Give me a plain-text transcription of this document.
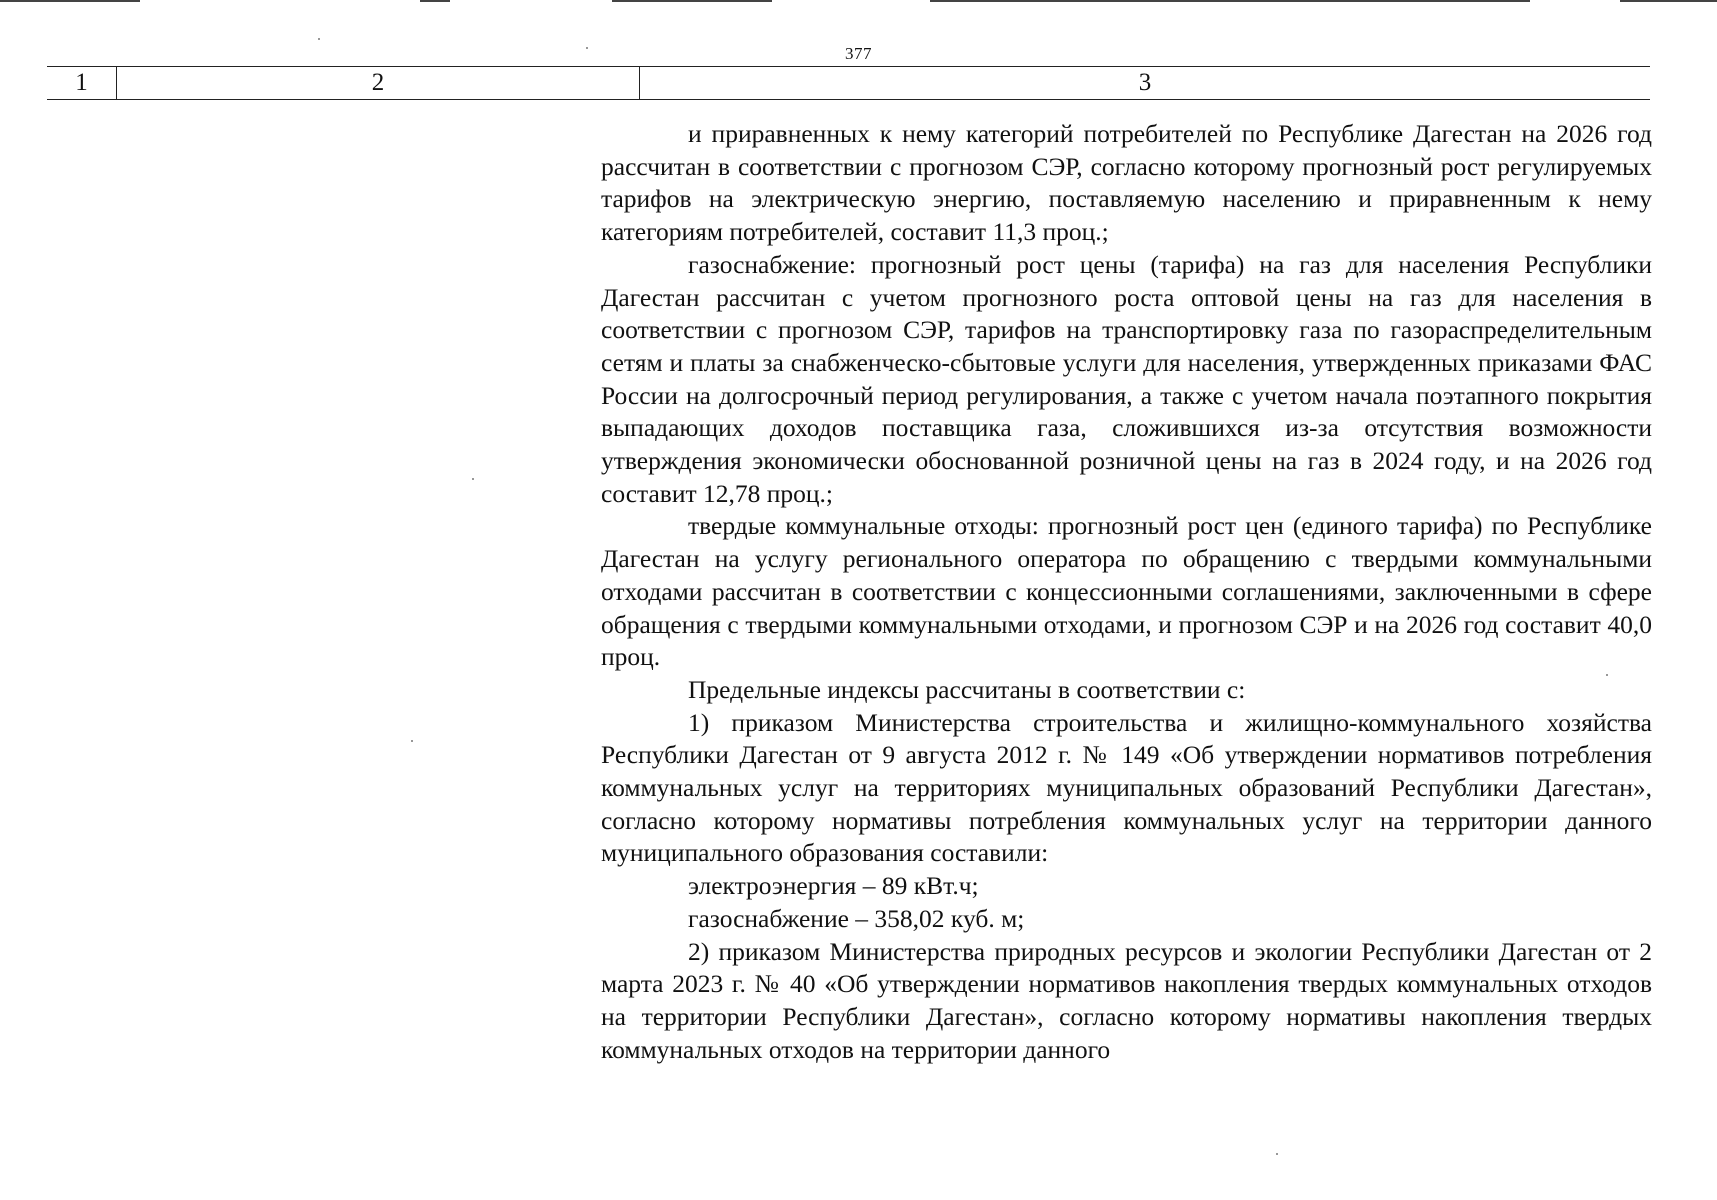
377
1	2	3

и приравненных к нему категорий потребителей по Республике Дагестан на 2026 год рассчитан в соответствии с прогнозом СЭР, согласно которому прогнозный рост регулируемых тарифов на электрическую энергию, поставляемую населению и приравненным к нему категориям потребителей, составит 11,3 проц.;

газоснабжение: прогнозный рост цены (тарифа) на газ для населения Республики Дагестан рассчитан с учетом прогнозного роста оптовой цены на газ для населения в соответствии с прогнозом СЭР, тарифов на транспортировку газа по газораспределительным сетям и платы за снабженческо-сбытовые услуги для населения, утвержденных приказами ФАС России на долгосрочный период регулирования, а также с учетом начала поэтапного покрытия выпадающих доходов поставщика газа, сложившихся из-за отсутствия возможности утверждения экономически обоснованной розничной цены на газ в 2024 году, и на 2026 год составит 12,78 проц.;

твердые коммунальные отходы: прогнозный рост цен (единого тарифа) по Республике Дагестан на услугу регионального оператора по обращению с твердыми коммунальными отходами рассчитан в соответствии с концессионными соглашениями, заключенными в сфере обращения с твердыми коммунальными отходами, и прогнозом СЭР и на 2026 год составит 40,0 проц.

Предельные индексы рассчитаны в соответствии с:

1) приказом Министерства строительства и жилищно-коммунального хозяйства Республики Дагестан от 9 августа 2012 г. № 149 «Об утверждении нормативов потребления коммунальных услуг на территориях муниципальных образований Республики Дагестан», согласно которому нормативы потребления коммунальных услуг на территории данного муниципального образования составили:

электроэнергия – 89 кВт.ч;

газоснабжение – 358,02 куб. м;

2) приказом Министерства природных ресурсов и экологии Республики Дагестан от 2 марта 2023 г. № 40 «Об утверждении нормативов накопления твердых коммунальных отходов на территории Республики Дагестан», согласно которому нормативы накопления твердых коммунальных отходов на территории данного
